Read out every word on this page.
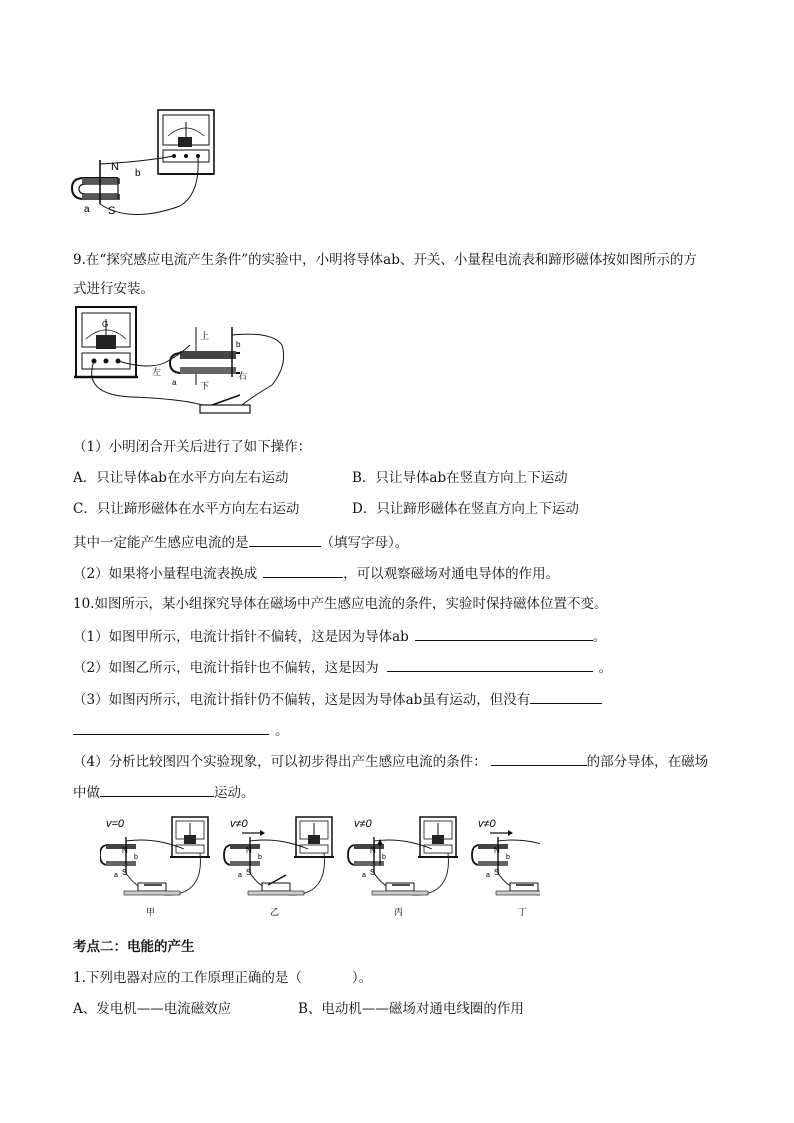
N
S
a
b
9.在“探究感应电流产生条件”的实验中，小明将导体ab、开关、小量程电流表和蹄形磁体按如图所示的方
式进行安装。
G
上
下
左	右
a
b
（1）小明闭合开关后进行了如下操作：
A．只让导体ab在水平方向左右运动	B．只让导体ab在竖直方向上下运动
C．只让蹄形磁体在水平方向左右运动	D．只让蹄形磁体在竖直方向上下运动
其中一定能产生感应电流的是	（填写字母）。
（2）如果将小量程电流表换成	，可以观察磁场对通电导体的作用。
10.如图所示，某小组探究导体在磁场中产生感应电流的条件，实验时保持磁体位置不变。
（1）如图甲所示，电流计指针不偏转，这是因为导体ab	。
（2）如图乙所示，电流计指针也不偏转，这是因为	。
（3）如图丙所示，电流计指针仍不偏转，这是因为导体ab虽有运动，但没有
。
（4）分析比较图四个实验现象，可以初步得出产生感应电流的条件：	的部分导体，在磁场
中做	运动。
v=0
N
S
a
b
甲
v≠0
N
S
a
b
乙
v≠0
N
S
a
b
丙
v≠0
N
S
a
b
丁
考点二：电能的产生
1.下列电器对应的工作原理正确的是（	）。
A、发电机——电流磁效应	B、电动机——磁场对通电线圈的作用
